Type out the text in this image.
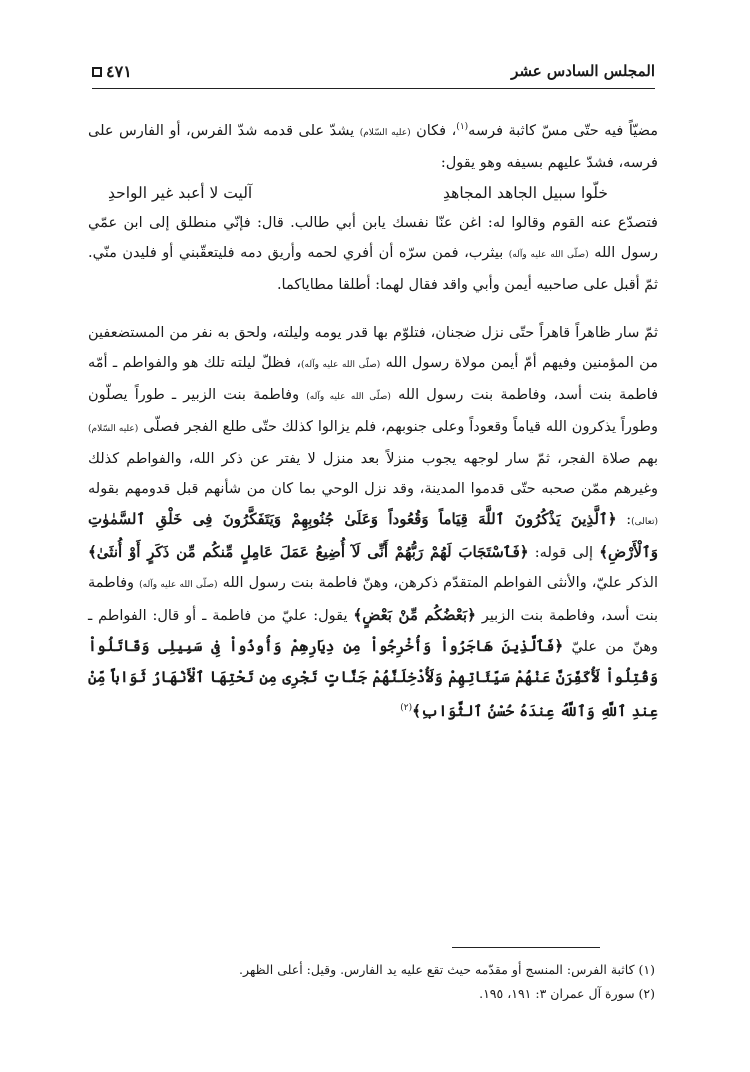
المجلس السادس عشر
٤٧١

مضيّاً فيه حتّى مسّ كاثبة فرسه$^{(١)}$، فكان (عليه السّلام) يشدّ على قدمه شدّ الفرس، أو الفارس على فرسه، فشدّ عليهم بسيفه وهو يقول:

خلّوا سبيل الجاهد المجاهدِ
آليت لا أعبد غير الواحدِ

فتصدّع عنه القوم وقالوا له: اغن عنّا نفسك يابن أبي طالب. قال: فإنّي منطلق إلى ابن عمّي رسول الله (صلّى الله عليه وآله) بيثرب، فمن سرّه أن أفري لحمه وأريق دمه فليتعقّبني أو فليدن منّي. ثمّ أقبل على صاحبيه أيمن وأبي واقد فقال لهما: أطلقا مطاياكما.

ثمّ سار ظاهراً قاهراً حتّى نزل ضجنان، فتلوّم بها قدر يومه وليلته، ولحق به نفر من المستضعفين من المؤمنين وفيهم أمّ أيمن مولاة رسول الله (صلّى الله عليه وآله)، فظلّ ليلته تلك هو والفواطم ـ أمّه فاطمة بنت أسد، وفاطمة بنت رسول الله (صلّى الله عليه وآله) وفاطمة بنت الزبير ـ طوراً يصلّون وطوراً يذكرون الله قياماً وقعوداً وعلى جنوبهم، فلم يزالوا كذلك حتّى طلع الفجر فصلّى (عليه السّلام) بهم صلاة الفجر، ثمّ سار لوجهه يجوب منزلاً بعد منزل لا يفتر عن ذكر الله، والفواطم كذلك وغيرهم ممّن صحبه حتّى قدموا المدينة، وقد نزل الوحي بما كان من شأنهم قبل قدومهم بقوله (تعالى): ﴿ٱلَّذِينَ يَذْكُرُونَ ٱللَّهَ قِيَاماً وَقُعُوداً وَعَلَىٰ جُنُوبِهِمْ وَيَتَفَكَّرُونَ فِى خَلْقِ ٱلسَّمٰوٰتِ وَٱلْأَرْضِ﴾ إلى قوله: ﴿فَٱسْتَجَابَ لَهُمْ رَبُّهُمْ أَنِّى لَآ أُضِيعُ عَمَلَ عَامِلٍ مِّنكُم مِّن ذَكَرٍ أَوْ أُنثَىٰ﴾ الذكر عليّ، والأنثى الفواطم المتقدّم ذكرهن، وهنّ فاطمة بنت رسول الله (صلّى الله عليه وآله) وفاطمة بنت أسد، وفاطمة بنت الزبير ﴿بَعْضُكُم مِّنْ بَعْضٍ﴾ يقول: عليّ من فاطمة ـ أو قال: الفواطم ـ وهنّ من عليّ ﴿فَٱلَّذِينَ هَاجَرُواْ وَأُخْرِجُواْ مِن دِيَارِهِمْ وَأُوذُواْ فِى سَبِيلِى وَقَاتَلُواْ وَقُتِلُواْ لَأُكَفِّرَنَّ عَنْهُمْ سَيِّئَاتِهِمْ وَلَأُدْخِلَنَّهُمْ جَنَّاتٍ تَجْرِى مِن تَحْتِهَا ٱلْأَنْهَارُ ثَوَاباً مِّنْ عِندِ ٱللَّهِ وَٱللَّهُ عِندَهُ حُسْنُ ٱلثَّوَابِ﴾$^{(٢)}$

(١) كاثبة الفرس: المنسج أو مقدّمه حيث تقع عليه يد الفارس. وقيل: أعلى الظهر.
(٢) سورة آل عمران ٣: ١٩١، ١٩٥.
